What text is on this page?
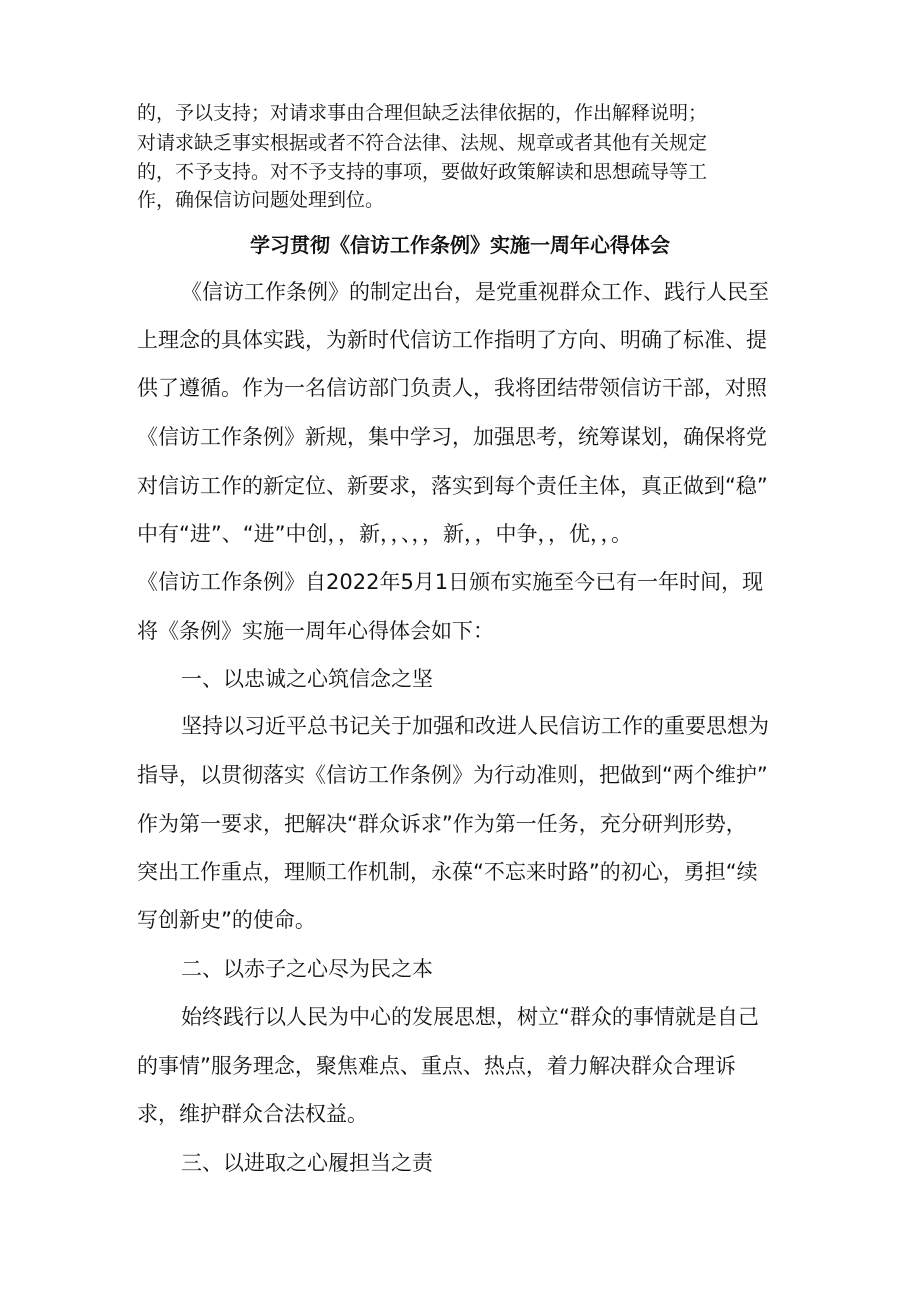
的，予以支持；对请求事由合理但缺乏法律依据的，作出解释说明；

对请求缺乏事实根据或者不符合法律、法规、规章或者其他有关规定

的，不予支持。对不予支持的事项，要做好政策解读和思想疏导等工

作，确保信访问题处理到位。

学习贯彻《信访工作条例》实施一周年心得体会

《信访工作条例》的制定出台，是党重视群众工作、践行人民至

上理念的具体实践，为新时代信访工作指明了方向、明确了标准、提

供了遵循。作为一名信访部门负责人，我将团结带领信访干部，对照

《信访工作条例》新规，集中学习，加强思考，统筹谋划，确保将党

对信访工作的新定位、新要求，落实到每个责任主体，真正做到“稳”

中有“进”、“进”中创，，新，，、，，新，，中争，，优，，。

《信访工作条例》自2022年5月1日颁布实施至今已有一年时间，现

将《条例》实施一周年心得体会如下：

一、以忠诚之心筑信念之坚

坚持以习近平总书记关于加强和改进人民信访工作的重要思想为

指导，以贯彻落实《信访工作条例》为行动准则，把做到“两个维护”

作为第一要求，把解决“群众诉求”作为第一任务，充分研判形势，

突出工作重点，理顺工作机制，永葆“不忘来时路”的初心，勇担“续

写创新史”的使命。

二、以赤子之心尽为民之本

始终践行以人民为中心的发展思想，树立“群众的事情就是自己

的事情”服务理念，聚焦难点、重点、热点，着力解决群众合理诉

求，维护群众合法权益。

三、以进取之心履担当之责
